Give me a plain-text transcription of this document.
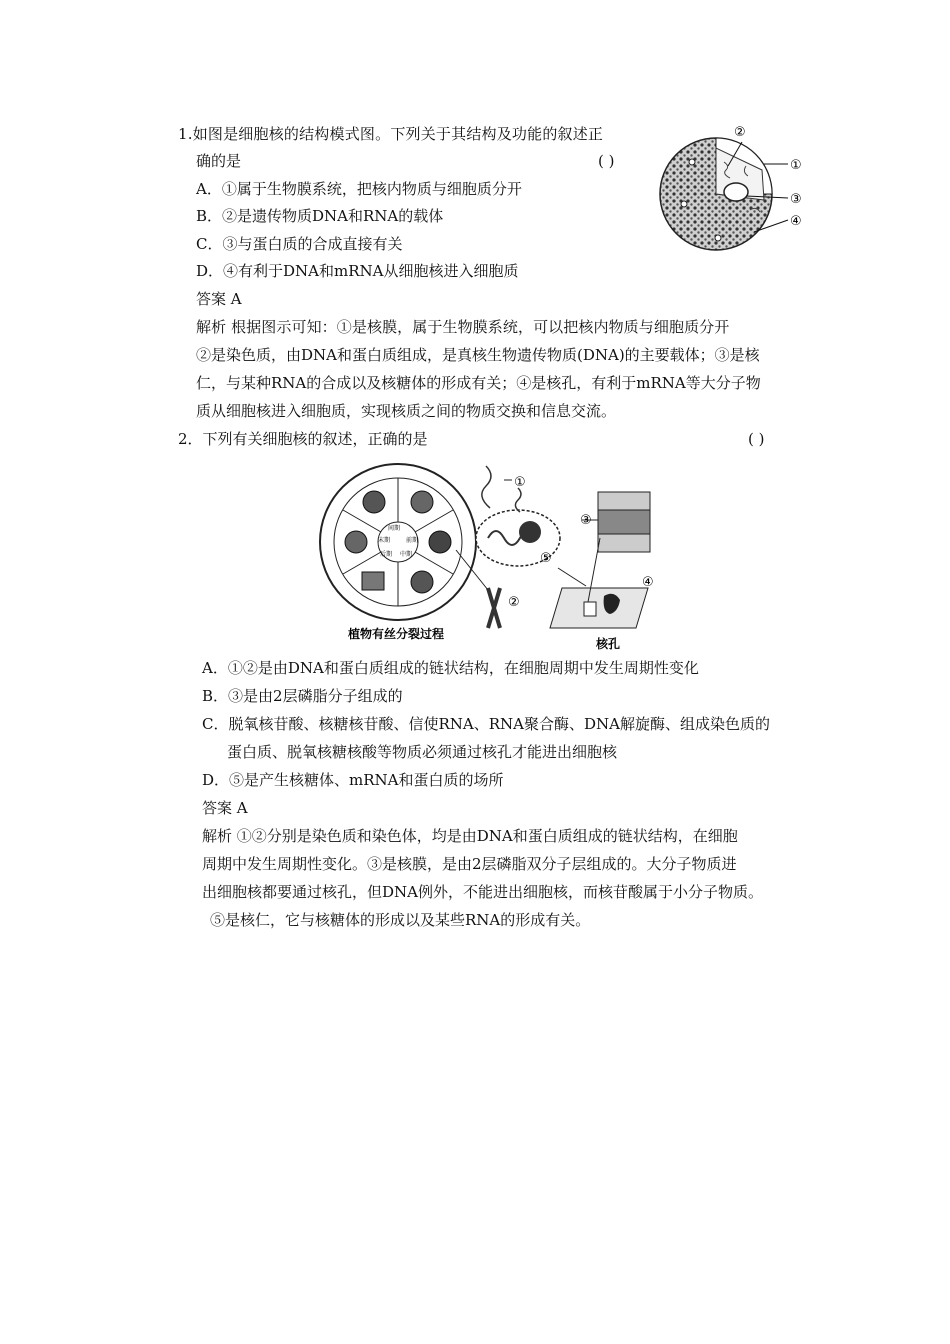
1.如图是细胞核的结构模式图。下列关于其结构及功能的叙述正
确的是	( )
A．①属于生物膜系统，把核内物质与细胞质分开
B．②是遗传物质DNA和RNA的载体
C．③与蛋白质的合成直接有关
D．④有利于DNA和mRNA从细胞核进入细胞质
答案 A
解析 根据图示可知：①是核膜，属于生物膜系统，可以把核内物质与细胞质分开
②是染色质，由DNA和蛋白质组成，是真核生物遗传物质(DNA)的主要载体；③是核
仁，与某种RNA的合成以及核糖体的形成有关；④是核孔，有利于mRNA等大分子物
质从细胞核进入细胞质，实现核质之间的物质交换和信息交流。
②
①
③
④
2．下列有关细胞核的叙述，正确的是	( )
间期
前期
中期
后期
末期
植物有丝分裂过程
核孔
①
②
③
④
⑤
A．①②是由DNA和蛋白质组成的链状结构，在细胞周期中发生周期性变化
B．③是由2层磷脂分子组成的
C．脱氧核苷酸、核糖核苷酸、信使RNA、RNA聚合酶、DNA解旋酶、组成染色质的
蛋白质、脱氧核糖核酸等物质必须通过核孔才能进出细胞核
D．⑤是产生核糖体、mRNA和蛋白质的场所
答案 A
解析 ①②分别是染色质和染色体，均是由DNA和蛋白质组成的链状结构，在细胞
周期中发生周期性变化。③是核膜，是由2层磷脂双分子层组成的。大分子物质进
出细胞核都要通过核孔，但DNA例外，不能进出细胞核，而核苷酸属于小分子物质。
⑤是核仁，它与核糖体的形成以及某些RNA的形成有关。
